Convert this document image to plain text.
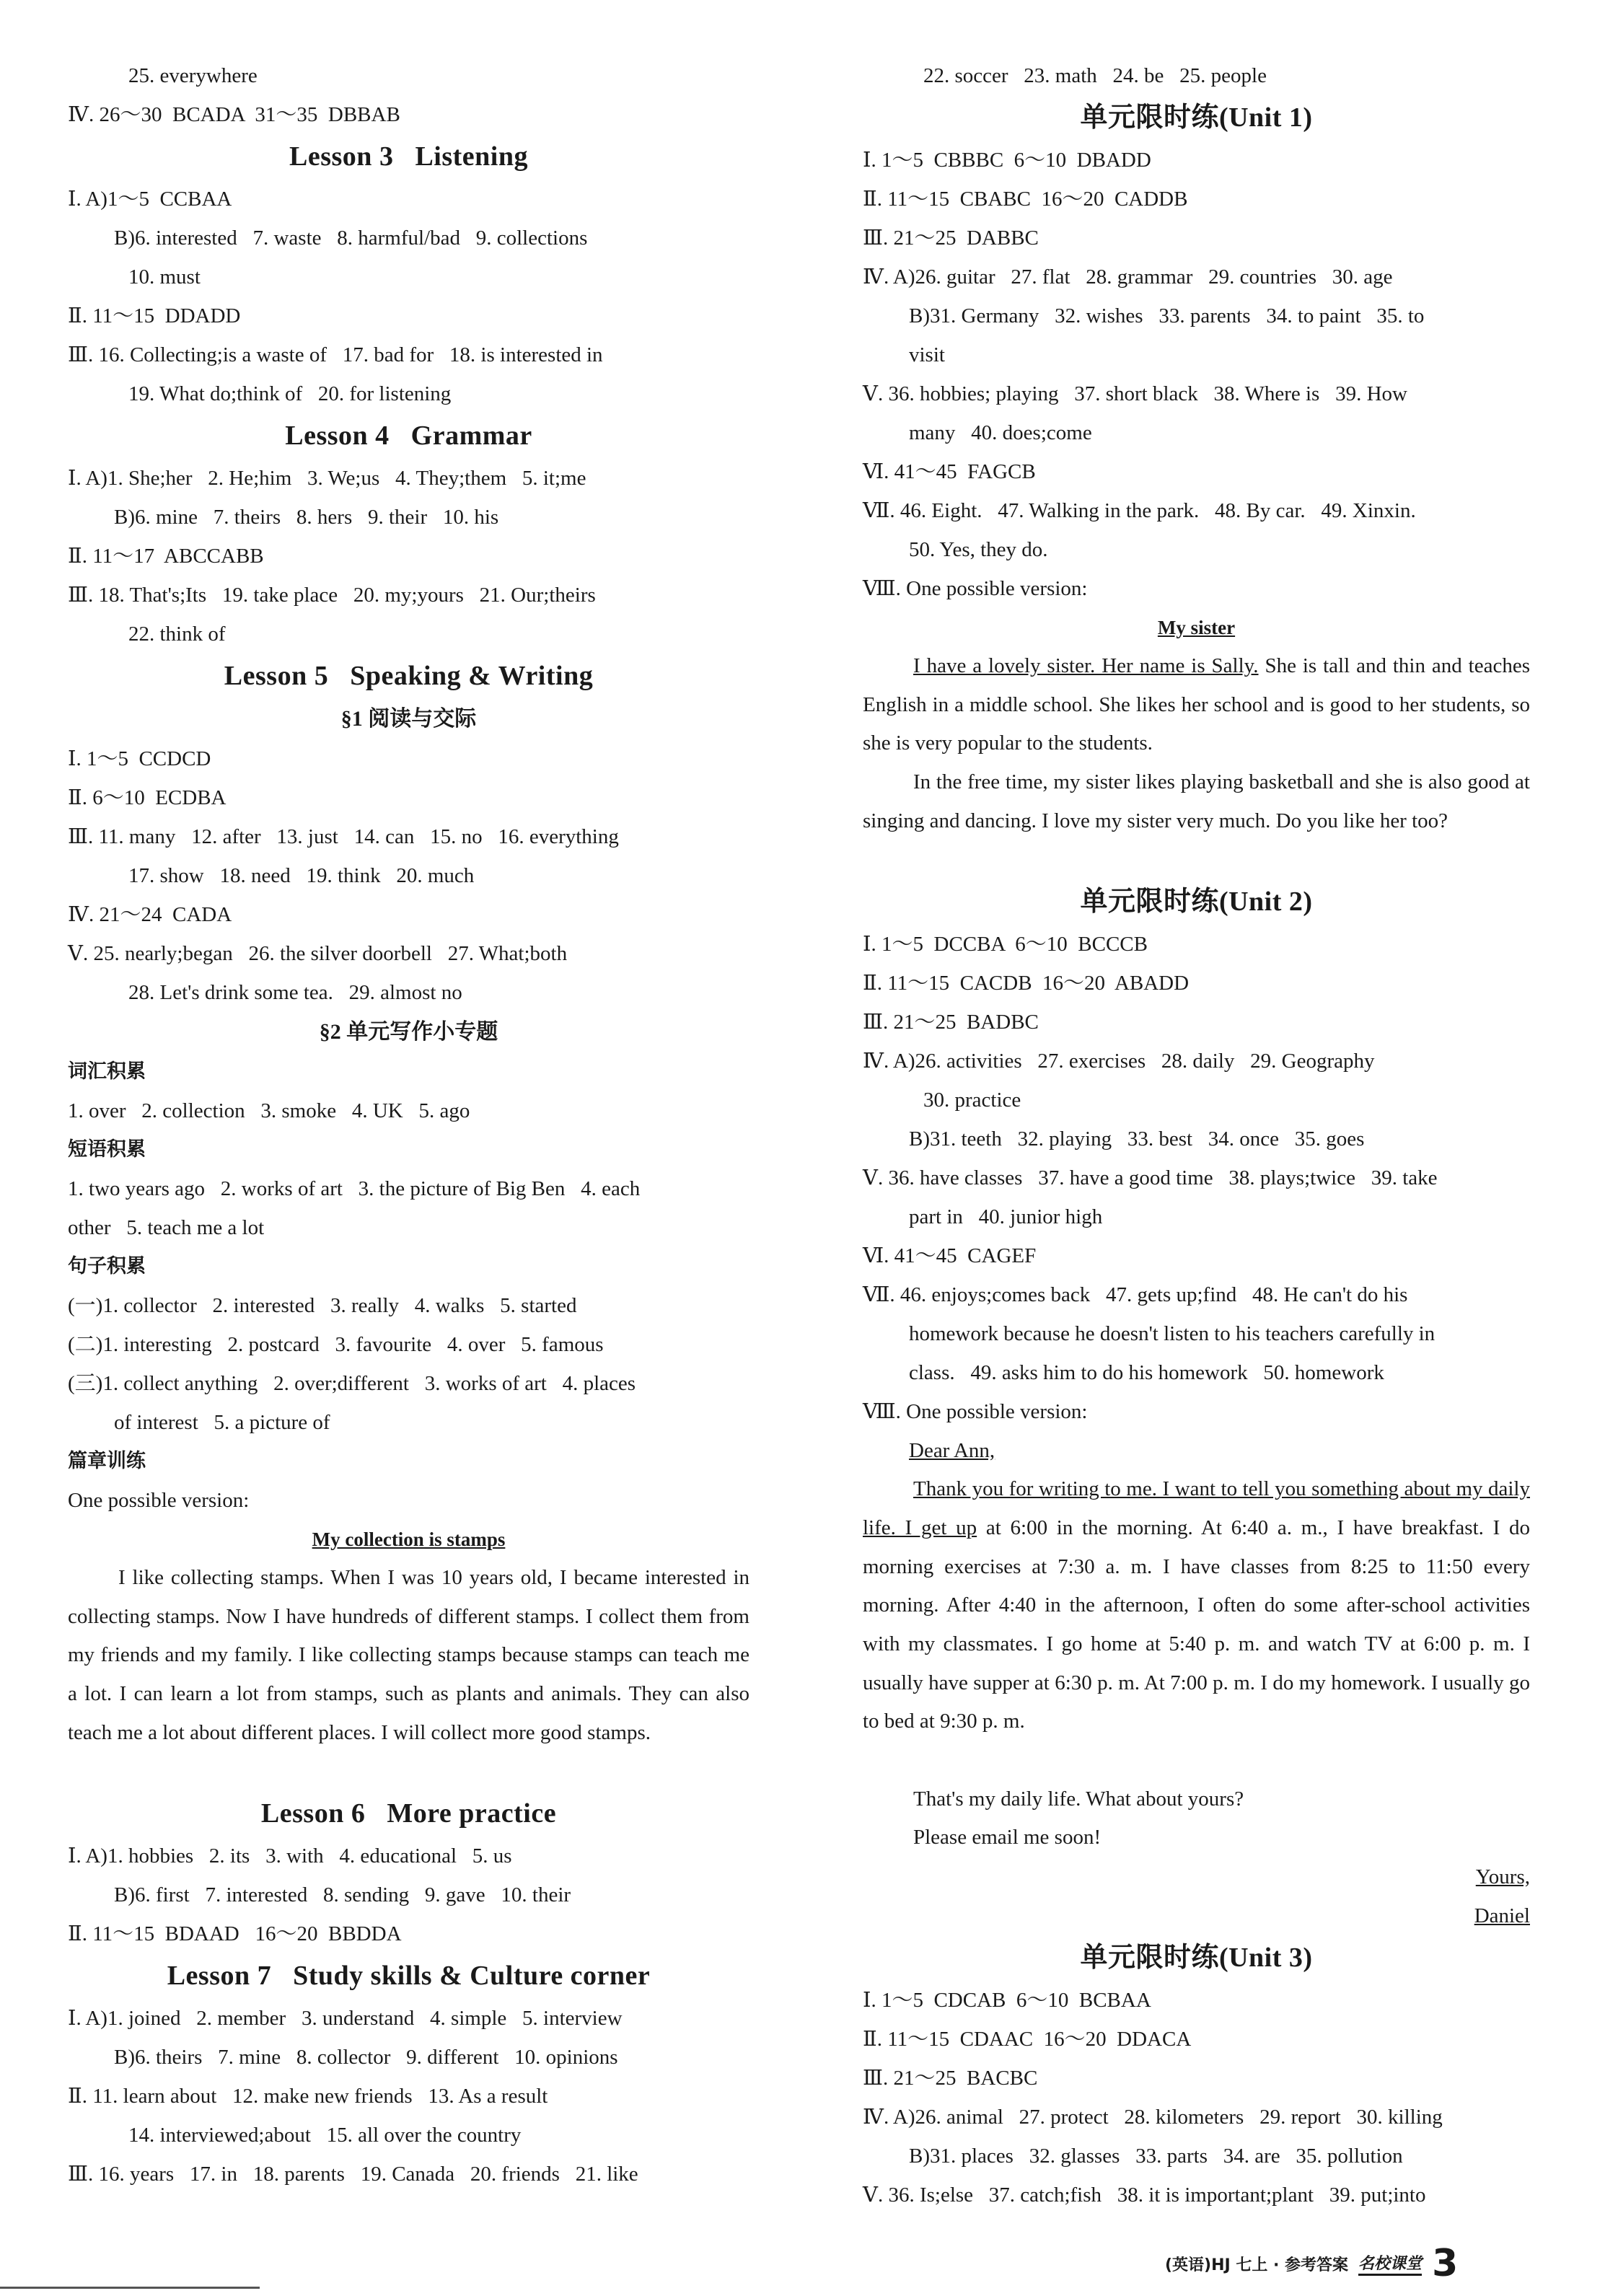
25. everywhere
Ⅳ. 26～30  BCADA  31～35  DBBAB
Lesson 3   Listening
Ⅰ. A)1～5  CCBAA
B)6. interested   7. waste   8. harmful/bad   9. collections
10. must
Ⅱ. 11～15  DDADD
Ⅲ. 16. Collecting;is a waste of   17. bad for   18. is interested in
19. What do;think of   20. for listening
Lesson 4   Grammar
Ⅰ. A)1. She;her   2. He;him   3. We;us   4. They;them   5. it;me
B)6. mine   7. theirs   8. hers   9. their   10. his
Ⅱ. 11～17  ABCCABB
Ⅲ. 18. That's;Its   19. take place   20. my;yours   21. Our;theirs
22. think of
Lesson 5   Speaking & Writing
§1 阅读与交际
Ⅰ. 1～5  CCDCD
Ⅱ. 6～10  ECDBA
Ⅲ. 11. many   12. after   13. just   14. can   15. no   16. everything
17. show   18. need   19. think   20. much
Ⅳ. 21～24  CADA
Ⅴ. 25. nearly;began   26. the silver doorbell   27. What;both
28. Let's drink some tea.   29. almost no
§2 单元写作小专题
词汇积累
1. over   2. collection   3. smoke   4. UK   5. ago
短语积累
1. two years ago   2. works of art   3. the picture of Big Ben   4. each
other   5. teach me a lot
句子积累
(一)1. collector   2. interested   3. really   4. walks   5. started
(二)1. interesting   2. postcard   3. favourite   4. over   5. famous
(三)1. collect anything   2. over;different   3. works of art   4. places
of interest   5. a picture of
篇章训练
One possible version:
My collection is stamps
I like collecting stamps. When I was 10 years old, I became interested in collecting stamps. Now I have hundreds of different stamps. I collect them from my friends and my family. I like collecting stamps because stamps can teach me a lot. I can learn a lot from stamps, such as plants and animals. They can also teach me a lot about different places. I will collect more good stamps.
Lesson 6   More practice
Ⅰ. A)1. hobbies   2. its   3. with   4. educational   5. us
B)6. first   7. interested   8. sending   9. gave   10. their
Ⅱ. 11～15  BDAAD   16～20  BBDDA
Lesson 7   Study skills & Culture corner
Ⅰ. A)1. joined   2. member   3. understand   4. simple   5. interview
B)6. theirs   7. mine   8. collector   9. different   10. opinions
Ⅱ. 11. learn about   12. make new friends   13. As a result
14. interviewed;about   15. all over the country
Ⅲ. 16. years   17. in   18. parents   19. Canada   20. friends   21. like
22. soccer   23. math   24. be   25. people
单元限时练(Unit 1)
Ⅰ. 1～5  CBBBC  6～10  DBADD
Ⅱ. 11～15  CBABC  16～20  CADDB
Ⅲ. 21～25  DABBC
Ⅳ. A)26. guitar   27. flat   28. grammar   29. countries   30. age
B)31. Germany   32. wishes   33. parents   34. to paint   35. to
visit
Ⅴ. 36. hobbies; playing   37. short black   38. Where is   39. How
many   40. does;come
Ⅵ. 41～45  FAGCB
Ⅶ. 46. Eight.   47. Walking in the park.   48. By car.   49. Xinxin.
50. Yes, they do.
Ⅷ. One possible version:
My sister
I have a lovely sister. Her name is Sally. She is tall and thin and teaches English in a middle school. She likes her school and is good to her students, so she is very popular to the students.
In the free time, my sister likes playing basketball and she is also good at singing and dancing. I love my sister very much. Do you like her too?
单元限时练(Unit 2)
Ⅰ. 1～5  DCCBA  6～10  BCCCB
Ⅱ. 11～15  CACDB  16～20  ABADD
Ⅲ. 21～25  BADBC
Ⅳ. A)26. activities   27. exercises   28. daily   29. Geography
30. practice
B)31. teeth   32. playing   33. best   34. once   35. goes
Ⅴ. 36. have classes   37. have a good time   38. plays;twice   39. take
part in   40. junior high
Ⅵ. 41～45  CAGEF
Ⅶ. 46. enjoys;comes back   47. gets up;find   48. He can't do his
homework because he doesn't listen to his teachers carefully in
class.   49. asks him to do his homework   50. homework
Ⅷ. One possible version:
Dear Ann,
Thank you for writing to me. I want to tell you something about my daily life. I get up at 6:00 in the morning. At 6:40 a. m., I have breakfast. I do morning exercises at 7:30 a. m. I have classes from 8:25 to 11:50 every morning. After 4:40 in the afternoon, I often do some after-school activities with my classmates. I go home at 5:40 p. m. and watch TV at 6:00 p. m. I usually have supper at 6:30 p. m. At 7:00 p. m. I do my homework. I usually go to bed at 9:30 p. m.
That's my daily life. What about yours?
Please email me soon!
Yours,
Daniel
单元限时练(Unit 3)
Ⅰ. 1～5  CDCAB  6～10  BCBAA
Ⅱ. 11～15  CDAAC  16～20  DDACA
Ⅲ. 21～25  BACBC
Ⅳ. A)26. animal   27. protect   28. kilometers   29. report   30. killing
B)31. places   32. glasses   33. parts   34. are   35. pollution
Ⅴ. 36. Is;else   37. catch;fish   38. it is important;plant   39. put;into
(英语)HJ 七上 · 参考答案 名校课堂 3
